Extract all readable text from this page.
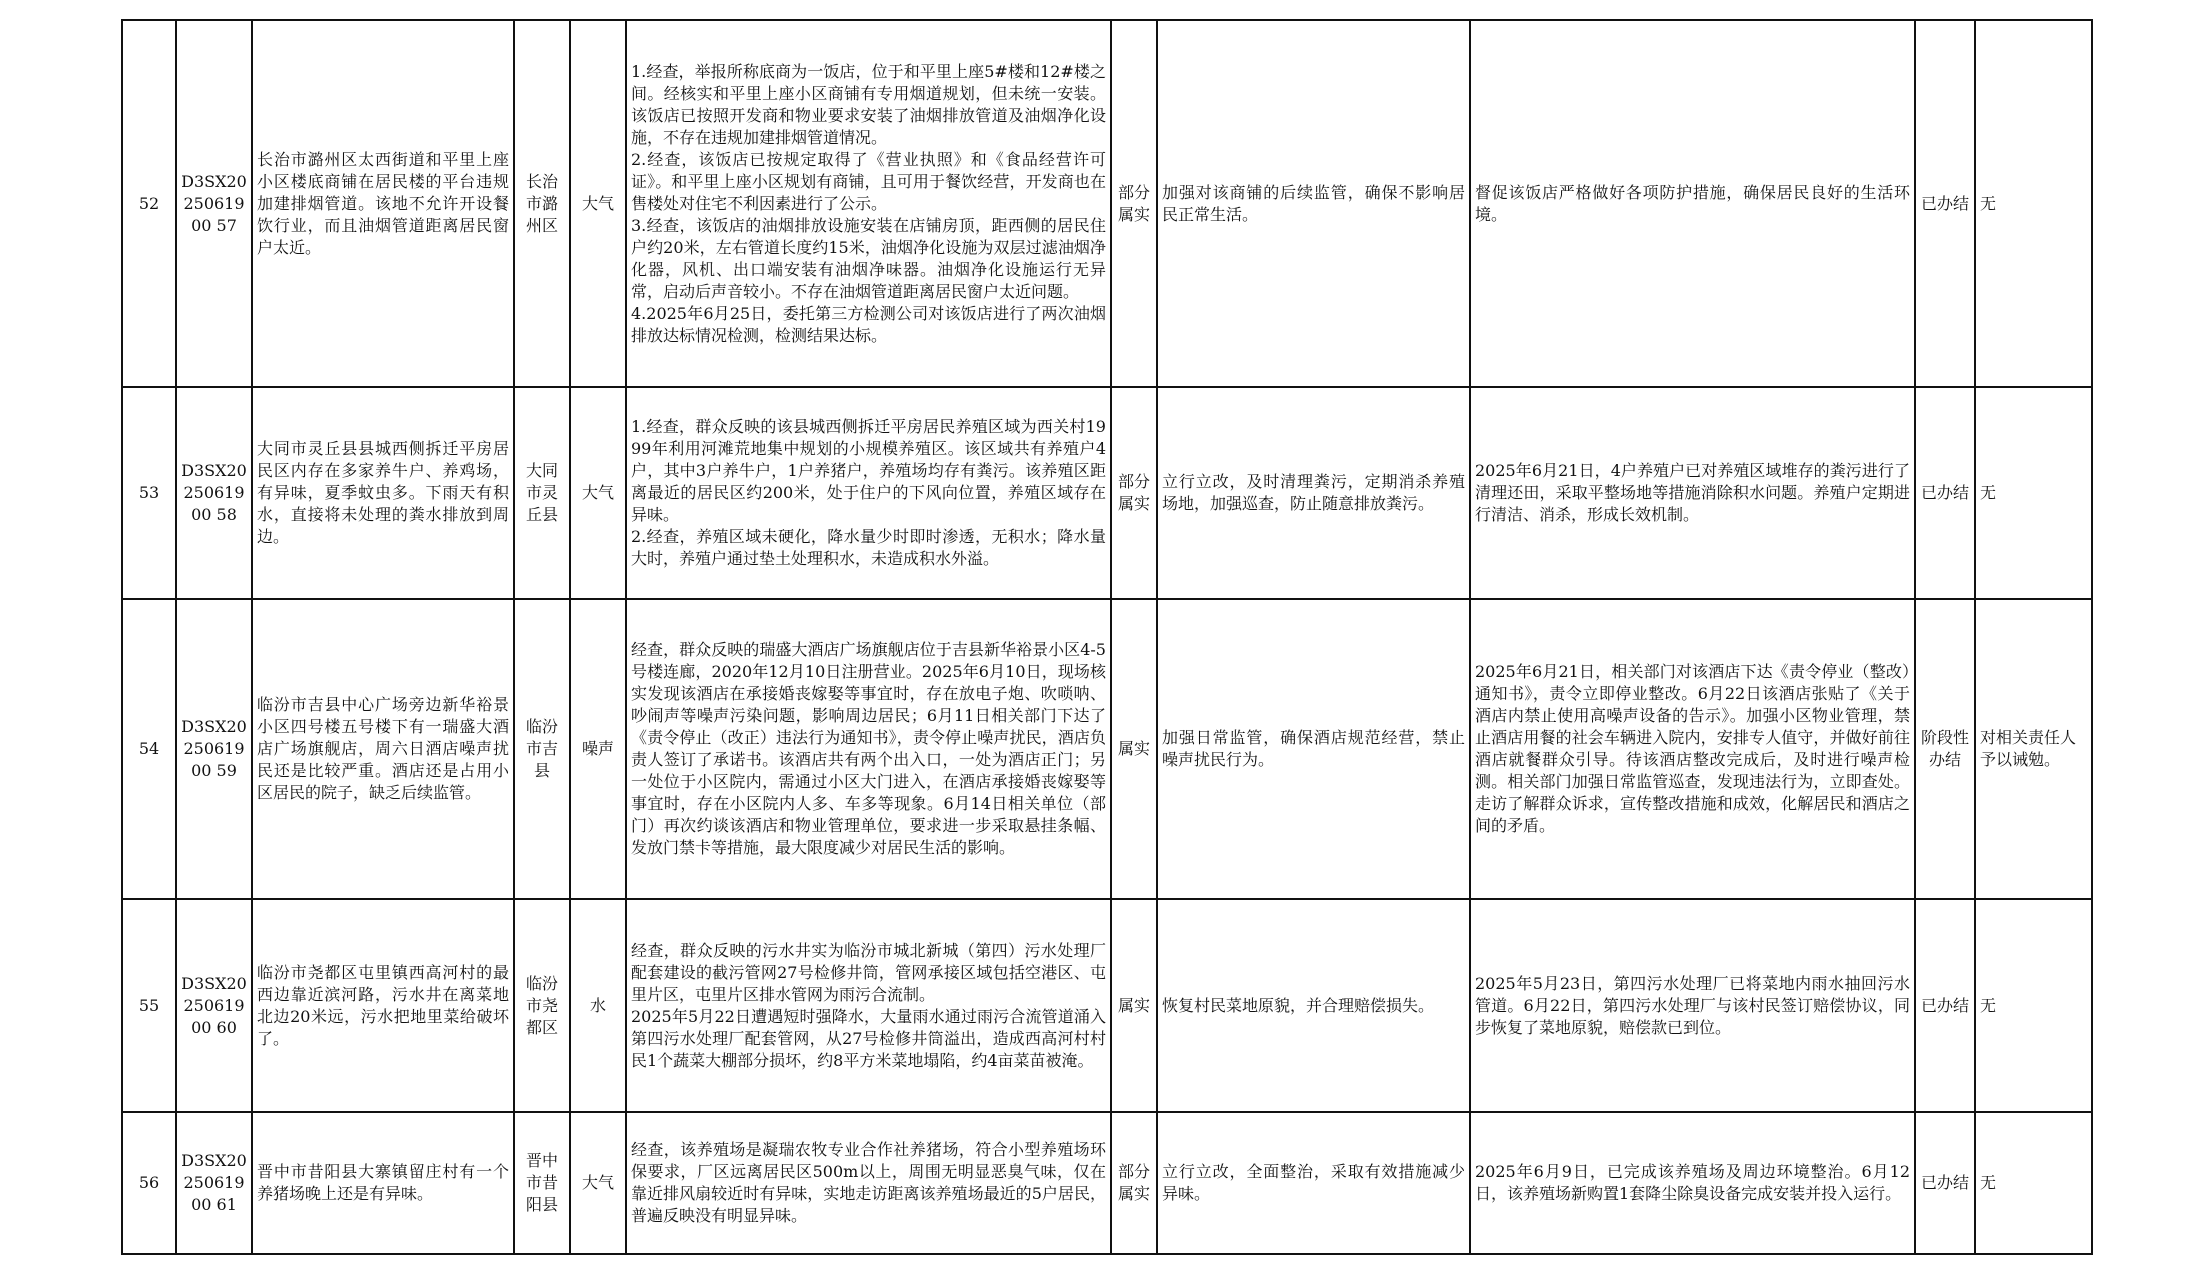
52	D3SX2025061900 57	长治市潞州区太西街道和平里上座小区楼底商铺在居民楼的平台违规加建排烟管道。该地不允许开设餐饮行业，而且油烟管道距离居民窗户太近。	长治市潞州区	大气	1.经查，举报所称底商为一饭店，位于和平里上座5#楼和12#楼之间。经核实和平里上座小区商铺有专用烟道规划，但未统一安装。该饭店已按照开发商和物业要求安装了油烟排放管道及油烟净化设施，不存在违规加建排烟管道情况。
2.经查，该饭店已按规定取得了《营业执照》和《食品经营许可证》。和平里上座小区规划有商铺，且可用于餐饮经营，开发商也在售楼处对住宅不利因素进行了公示。
3.经查，该饭店的油烟排放设施安装在店铺房顶，距西侧的居民住户约20米，左右管道长度约15米，油烟净化设施为双层过滤油烟净化器，风机、出口端安装有油烟净味器。油烟净化设施运行无异常，启动后声音较小。不存在油烟管道距离居民窗户太近问题。
4.2025年6月25日，委托第三方检测公司对该饭店进行了两次油烟排放达标情况检测，检测结果达标。	部分属实	加强对该商铺的后续监管，确保不影响居民正常生活。	督促该饭店严格做好各项防护措施，确保居民良好的生活环境。	已办结	无
53	D3SX2025061900 58	大同市灵丘县县城西侧拆迁平房居民区内存在多家养牛户、养鸡场，有异味，夏季蚊虫多。下雨天有积水，直接将未处理的粪水排放到周边。	大同市灵丘县	大气	1.经查，群众反映的该县城西侧拆迁平房居民养殖区域为西关村1999年利用河滩荒地集中规划的小规模养殖区。该区域共有养殖户4户，其中3户养牛户，1户养猪户，养殖场均存有粪污。该养殖区距离最近的居民区约200米，处于住户的下风向位置，养殖区域存在异味。
2.经查，养殖区域未硬化，降水量少时即时渗透，无积水；降水量大时，养殖户通过垫土处理积水，未造成积水外溢。	部分属实	立行立改，及时清理粪污，定期消杀养殖场地，加强巡查，防止随意排放粪污。	2025年6月21日，4户养殖户已对养殖区域堆存的粪污进行了清理还田，采取平整场地等措施消除积水问题。养殖户定期进行清洁、消杀，形成长效机制。	已办结	无
54	D3SX2025061900 59	临汾市吉县中心广场旁边新华裕景小区四号楼五号楼下有一瑞盛大酒店广场旗舰店，周六日酒店噪声扰民还是比较严重。酒店还是占用小区居民的院子，缺乏后续监管。	临汾市吉县	噪声	经查，群众反映的瑞盛大酒店广场旗舰店位于吉县新华裕景小区4-5号楼连廊，2020年12月10日注册营业。2025年6月10日，现场核实发现该酒店在承接婚丧嫁娶等事宜时，存在放电子炮、吹唢呐、吵闹声等噪声污染问题，影响周边居民；6月11日相关部门下达了《责令停止（改正）违法行为通知书》，责令停止噪声扰民，酒店负责人签订了承诺书。该酒店共有两个出入口，一处为酒店正门；另一处位于小区院内，需通过小区大门进入，在酒店承接婚丧嫁娶等事宜时，存在小区院内人多、车多等现象。6月14日相关单位（部门）再次约谈该酒店和物业管理单位，要求进一步采取悬挂条幅、发放门禁卡等措施，最大限度减少对居民生活的影响。	属实	加强日常监管，确保酒店规范经营，禁止噪声扰民行为。	2025年6月21日，相关部门对该酒店下达《责令停业（整改）通知书》，责令立即停业整改。6月22日该酒店张贴了《关于酒店内禁止使用高噪声设备的告示》。加强小区物业管理，禁止酒店用餐的社会车辆进入院内，安排专人值守，并做好前往酒店就餐群众引导。待该酒店整改完成后，及时进行噪声检测。相关部门加强日常监管巡查，发现违法行为，立即查处。走访了解群众诉求，宣传整改措施和成效，化解居民和酒店之间的矛盾。	阶段性办结	对相关责任人予以诫勉。
55	D3SX2025061900 60	临汾市尧都区屯里镇西高河村的最西边靠近滨河路，污水井在离菜地北边20米远，污水把地里菜给破坏了。	临汾市尧都区	水	经查，群众反映的污水井实为临汾市城北新城（第四）污水处理厂配套建设的截污管网27号检修井筒，管网承接区域包括空港区、屯里片区，屯里片区排水管网为雨污合流制。
2025年5月22日遭遇短时强降水，大量雨水通过雨污合流管道涌入第四污水处理厂配套管网，从27号检修井筒溢出，造成西高河村村民1个蔬菜大棚部分损坏，约8平方米菜地塌陷，约4亩菜苗被淹。	属实	恢复村民菜地原貌，并合理赔偿损失。	2025年5月23日，第四污水处理厂已将菜地内雨水抽回污水管道。6月22日，第四污水处理厂与该村民签订赔偿协议，同步恢复了菜地原貌，赔偿款已到位。	已办结	无
56	D3SX2025061900 61	晋中市昔阳县大寨镇留庄村有一个养猪场晚上还是有异味。	晋中市昔阳县	大气	经查，该养殖场是凝瑞农牧专业合作社养猪场，符合小型养殖场环保要求，厂区远离居民区500m以上，周围无明显恶臭气味，仅在靠近排风扇较近时有异味，实地走访距离该养殖场最近的5户居民，普遍反映没有明显异味。	部分属实	立行立改，全面整治，采取有效措施减少异味。	2025年6月9日，已完成该养殖场及周边环境整治。6月12日，该养殖场新购置1套降尘除臭设备完成安装并投入运行。	已办结	无
